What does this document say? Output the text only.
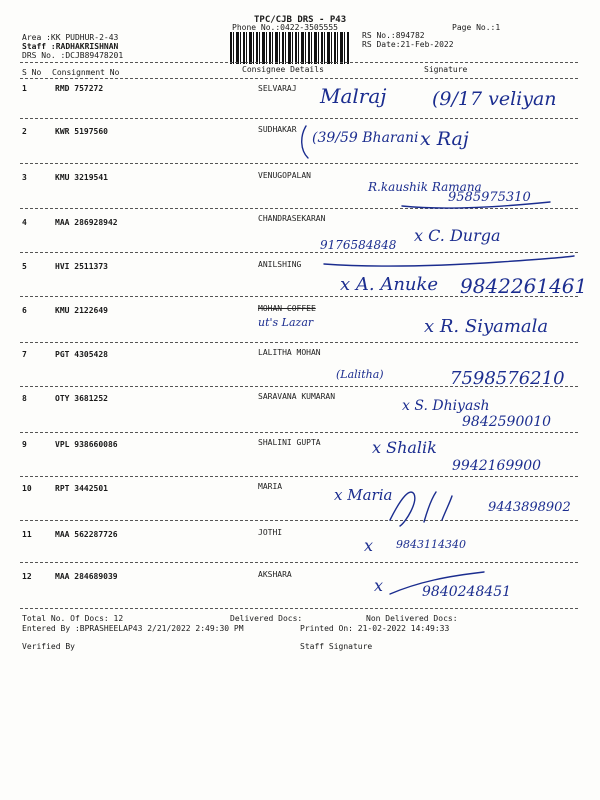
TPC/CJB DRS - P43
Phone No.:0422-3505555	Page No.:1
Area :KK PUDHUR-2-43
Staff :RADHAKRISHNAN
DRS No. :DCJB89478201
RS No.:894782
RS Date:21-Feb-2022
S No Consignment No	Consignee Details	Signature
1	RMD 757272	SELVARAJ Malraj (9/17 veliyan
2	KWR 5197560	SUDHAKAR
(39/59 Bharani x Raj
3	KMU 3219541	VENUGOPALAN
R.kaushik Ramana
9585975310
4	MAA 286928942	CHANDRASEKARAN
9176584848 x C. Durga
5	HVI 2511373	ANILSHING
x A. Anuke 9842261461
6	KMU 2122649	MOHAN COFFEE
ut's Lazar	x R. Siyamala
7	PGT 4305428	LALITHA MOHAN
(Lalitha)	7598576210
8	OTY 3681252	SARAVANA KUMARAN
x S. Dhiyash
9842590010
9	VPL 938660086	SHALINI GUPTA	x Shalik
9942169900
10	RPT 3442501	MARIA	x Maria
9443898902
11	MAA 562287726	JOTHI
x 9843114340
12	MAA 284689039	AKSHARA
x	9840248451
Total No. Of Docs: 12	Delivered Docs:	Non Delivered Docs:
Entered By :BPRASHEELAP43 2/21/2022 2:49:30 PM	Printed On: 21-02-2022 14:49:33
Verified By	Staff Signature
